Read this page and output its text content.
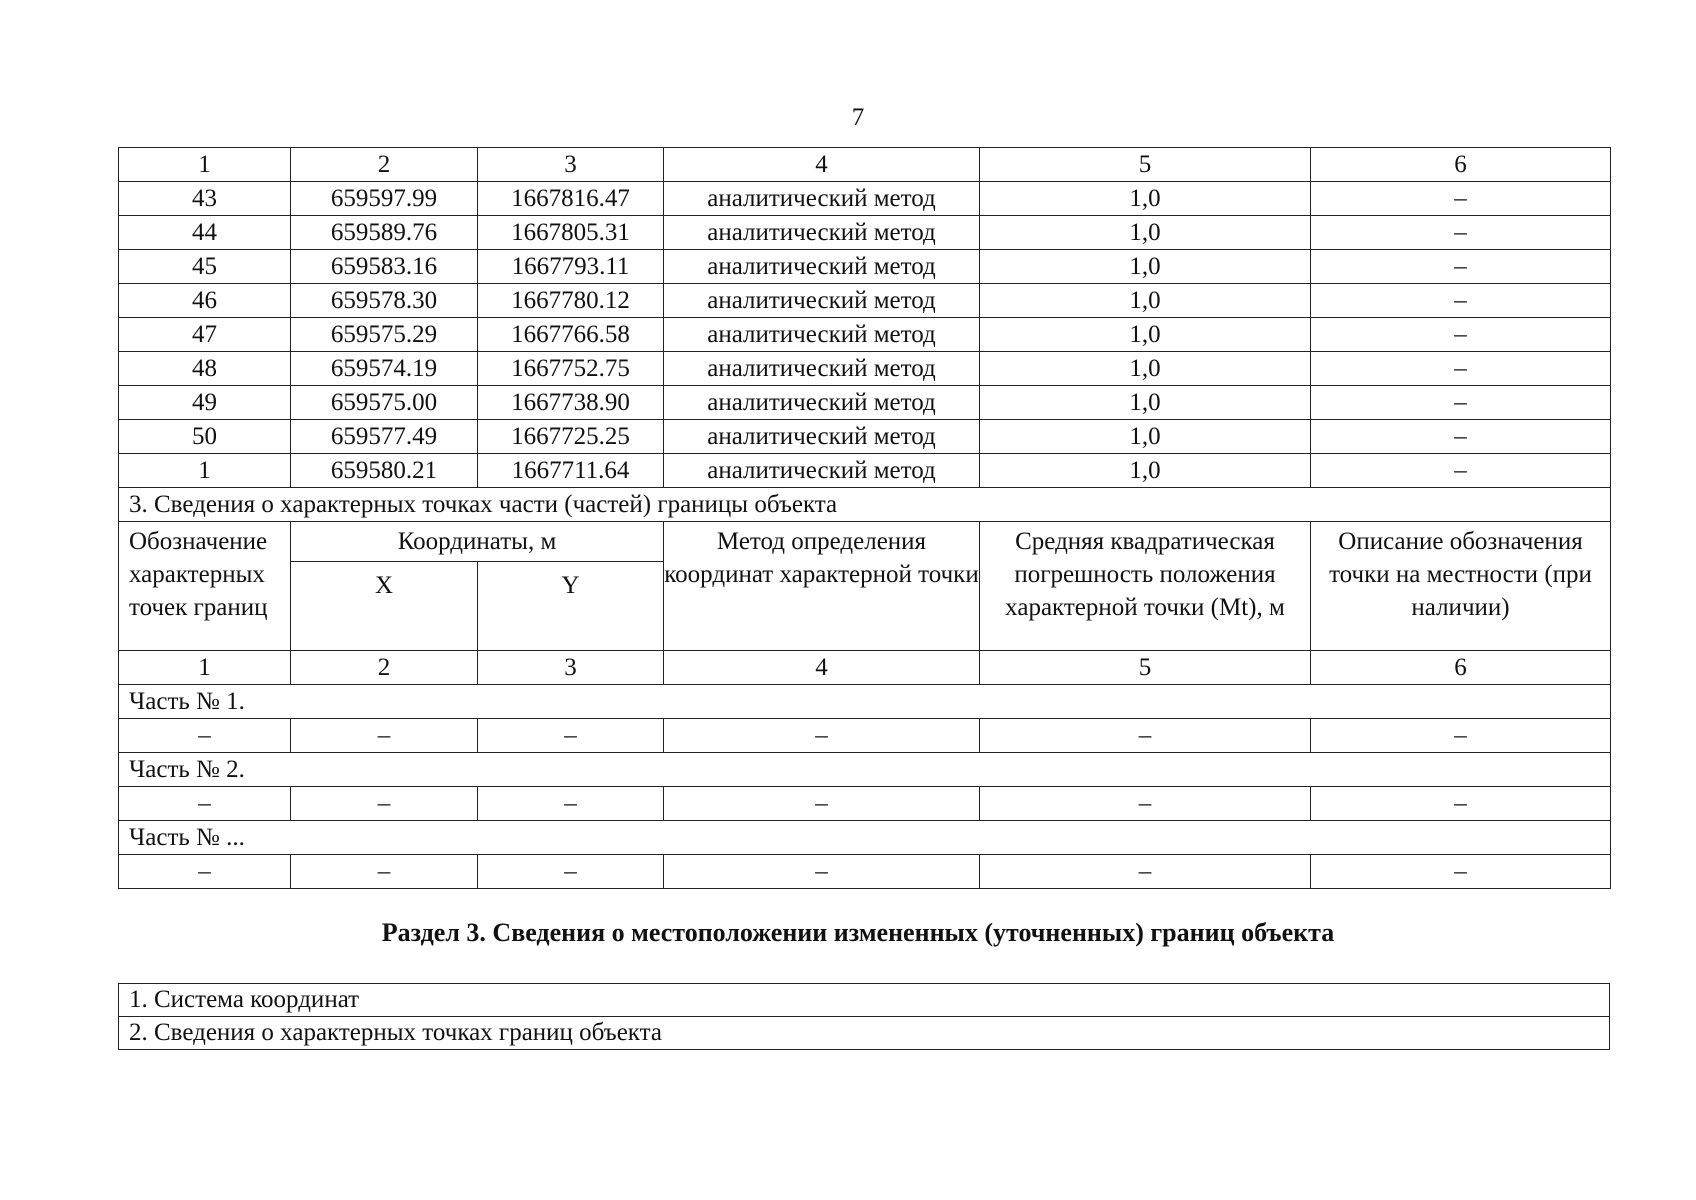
7
1	2	3	4	5	6
43	659597.99	1667816.47	аналитический метод	1,0	–
44	659589.76	1667805.31	аналитический метод	1,0	–
45	659583.16	1667793.11	аналитический метод	1,0	–
46	659578.30	1667780.12	аналитический метод	1,0	–
47	659575.29	1667766.58	аналитический метод	1,0	–
48	659574.19	1667752.75	аналитический метод	1,0	–
49	659575.00	1667738.90	аналитический метод	1,0	–
50	659577.49	1667725.25	аналитический метод	1,0	–
1	659580.21	1667711.64	аналитический метод	1,0	–
3. Сведения о характерных точках части (частей) границы объекта					
Обозначение характерных точек границ	Координаты, м		Метод определения координат характерной точки	Средняя квадратическая погрешность положения характерной точки (Mt), м	Описание обозначения точки на местности (при наличии)
	X	Y			
1	2	3	4	5	6
Часть № 1.					
–	–	–	–	–	–
Часть № 2.					
–	–	–	–	–	–
Часть № ...					
–	–	–	–	–	–
Раздел 3. Сведения о местоположении измененных (уточненных) границ объекта
1. Система координат
2. Сведения о характерных точках границ объекта
